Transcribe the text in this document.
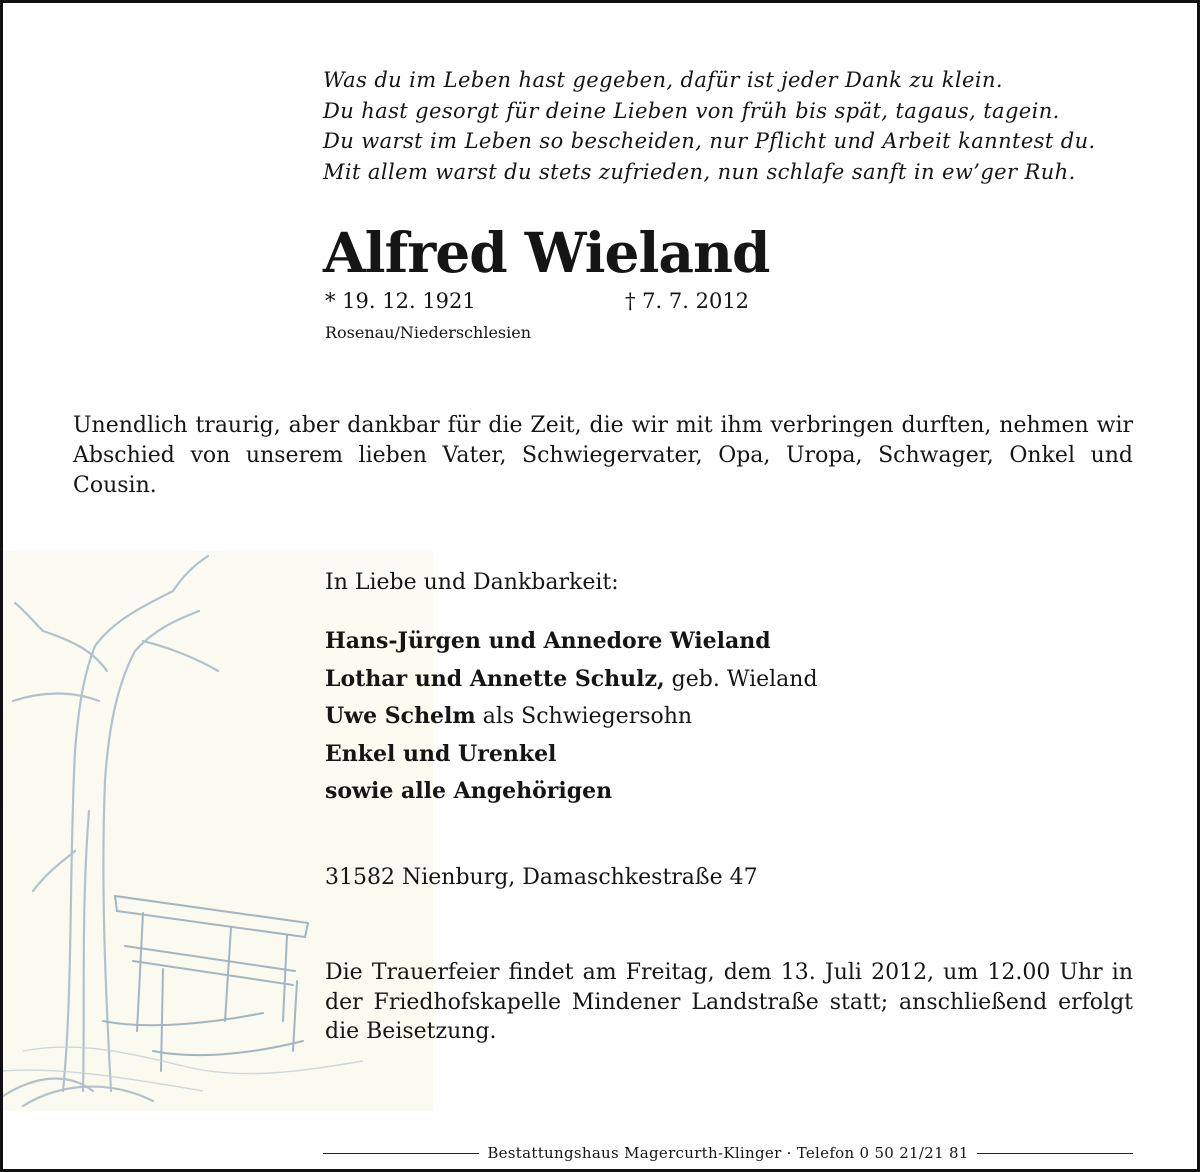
Was du im Leben hast gegeben, dafür ist jeder Dank zu klein.
Du hast gesorgt für deine Lieben von früh bis spät, tagaus, tagein.
Du warst im Leben so bescheiden, nur Pflicht und Arbeit kanntest du.
Mit allem warst du stets zufrieden, nun schlafe sanft in ew’ger Ruh.
Alfred Wieland
* 19. 12. 1921	† 7. 7. 2012
Rosenau/Niederschlesien
Unendlich traurig, aber dankbar für die Zeit, die wir mit ihm verbringen durften, nehmen wir Abschied von unserem lieben Vater, Schwiegervater, Opa, Uropa, Schwager, Onkel und Cousin.
In Liebe und Dankbarkeit:
Hans-Jürgen und Annedore Wieland
Lothar und Annette Schulz, geb. Wieland
Uwe Schelm als Schwiegersohn
Enkel und Urenkel
sowie alle Angehörigen
31582 Nienburg, Damaschkestraße 47
Die Trauerfeier findet am Freitag, dem 13. Juli 2012, um 12.00 Uhr in der Friedhofskapelle Mindener Landstraße statt; anschließend erfolgt die Beisetzung.
Bestattungshaus Magercurth-Klinger · Telefon 0 50 21/21 81
